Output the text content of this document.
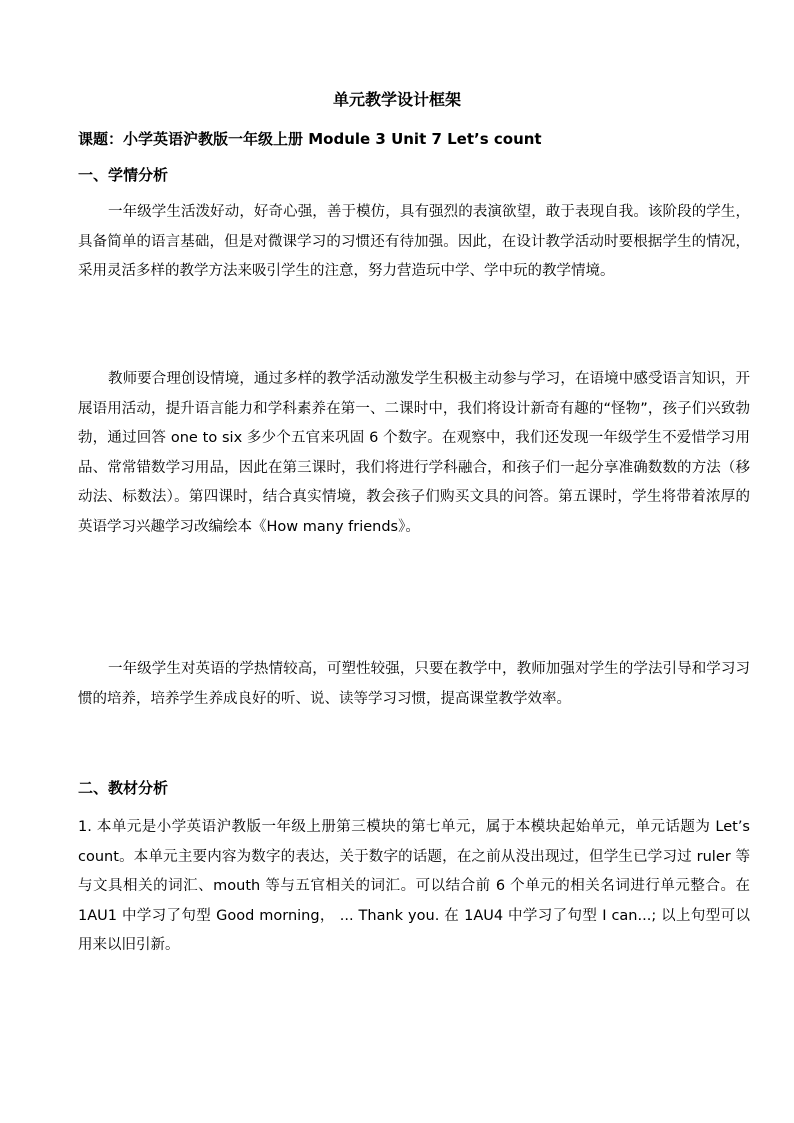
单元教学设计框架
课题：小学英语沪教版一年级上册 Module 3 Unit 7 Let’s count
一、学情分析

一年级学生活泼好动，好奇心强，善于模仿，具有强烈的表演欲望，敢于表现自我。该阶段的学生，具备简单的语言基础，但是对微课学习的习惯还有待加强。因此，在设计教学活动时要根据学生的情况，采用灵活多样的教学方法来吸引学生的注意，努力营造玩中学、学中玩的教学情境。

教师要合理创设情境，通过多样的教学活动激发学生积极主动参与学习，在语境中感受语言知识，开展语用活动，提升语言能力和学科素养在第一、二课时中，我们将设计新奇有趣的“怪物”，孩子们兴致勃勃，通过回答 one to six 多少个五官来巩固 6 个数字。在观察中，我们还发现一年级学生不爱惜学习用品、常常错数学习用品，因此在第三课时，我们将进行学科融合，和孩子们一起分享准确数数的方法（移动法、标数法）。第四课时，结合真实情境，教会孩子们购买文具的问答。第五课时，学生将带着浓厚的英语学习兴趣学习改编绘本《How many friends》。

一年级学生对英语的学热情较高，可塑性较强，只要在教学中，教师加强对学生的学法引导和学习习惯的培养，培养学生养成良好的听、说、读等学习习惯，提高课堂教学效率。

二、教材分析

1. 本单元是小学英语沪教版一年级上册第三模块的第七单元，属于本模块起始单元，单元话题为 Let’s count。本单元主要内容为数字的表达，关于数字的话题，在之前从没出现过，但学生已学习过 ruler 等与文具相关的词汇、mouth 等与五官相关的词汇。可以结合前 6 个单元的相关名词进行单元整合。在 1AU1 中学习了句型 Good morning， ... Thank you. 在 1AU4 中学习了句型 I can...; 以上句型可以用来以旧引新。
